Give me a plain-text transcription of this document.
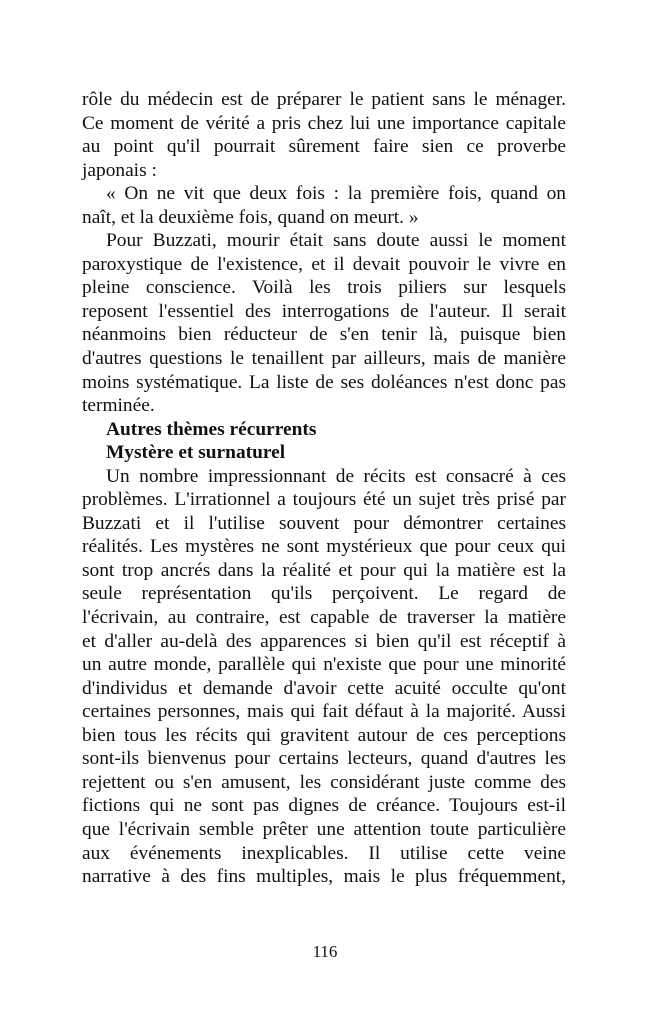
rôle du médecin est de préparer le patient sans le ménager.
Ce moment de vérité a pris chez lui une importance capitale
au point qu'il pourrait sûrement faire sien ce proverbe
japonais :
« On ne vit que deux fois : la première fois, quand on
naît, et la deuxième fois, quand on meurt. »
Pour Buzzati, mourir était sans doute aussi le moment
paroxystique de l'existence, et il devait pouvoir le vivre en
pleine conscience. Voilà les trois piliers sur lesquels
reposent l'essentiel des interrogations de l'auteur. Il serait
néanmoins bien réducteur de s'en tenir là, puisque bien
d'autres questions le tenaillent par ailleurs, mais de manière
moins systématique. La liste de ses doléances n'est donc pas
terminée.
Autres thèmes récurrents
Mystère et surnaturel
Un nombre impressionnant de récits est consacré à ces
problèmes. L'irrationnel a toujours été un sujet très prisé par
Buzzati et il l'utilise souvent pour démontrer certaines
réalités. Les mystères ne sont mystérieux que pour ceux qui
sont trop ancrés dans la réalité et pour qui la matière est la
seule représentation qu'ils perçoivent. Le regard de
l'écrivain, au contraire, est capable de traverser la matière
et d'aller au-delà des apparences si bien qu'il est réceptif à
un autre monde, parallèle qui n'existe que pour une minorité
d'individus et demande d'avoir cette acuité occulte qu'ont
certaines personnes, mais qui fait défaut à la majorité. Aussi
bien tous les récits qui gravitent autour de ces perceptions
sont-ils bienvenus pour certains lecteurs, quand d'autres les
rejettent ou s'en amusent, les considérant juste comme des
fictions qui ne sont pas dignes de créance. Toujours est-il
que l'écrivain semble prêter une attention toute particulière
aux événements inexplicables. Il utilise cette veine
narrative à des fins multiples, mais le plus fréquemment,
116
